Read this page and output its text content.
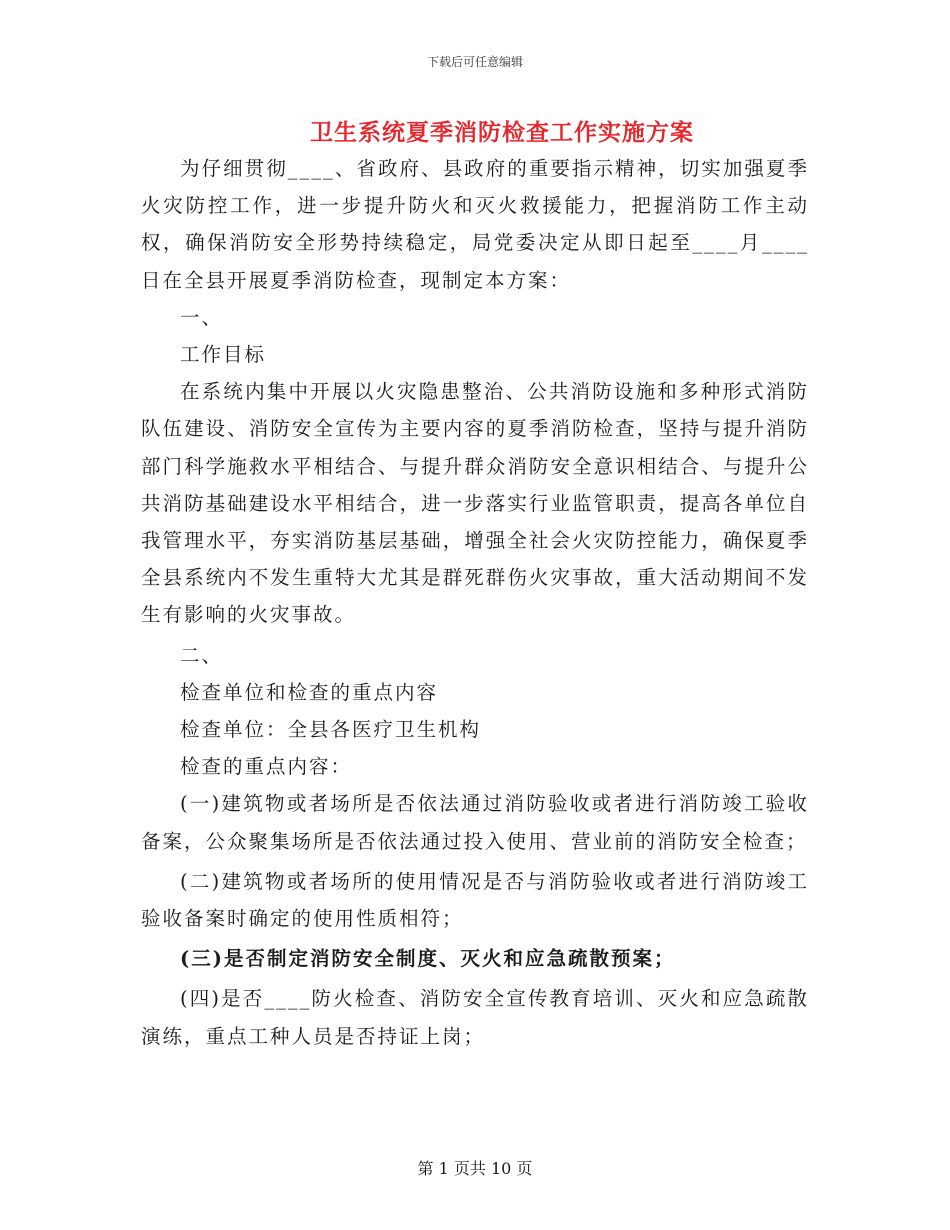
下载后可任意编辑
卫生系统夏季消防检查工作实施方案

为仔细贯彻____、省政府、县政府的重要指示精神，切实加强夏季火灾防控工作，进一步提升防火和灭火救援能力，把握消防工作主动权，确保消防安全形势持续稳定，局党委决定从即日起至____月____日在全县开展夏季消防检查，现制定本方案：

一、

工作目标

在系统内集中开展以火灾隐患整治、公共消防设施和多种形式消防队伍建设、消防安全宣传为主要内容的夏季消防检查，坚持与提升消防部门科学施救水平相结合、与提升群众消防安全意识相结合、与提升公共消防基础建设水平相结合，进一步落实行业监管职责，提高各单位自我管理水平，夯实消防基层基础，增强全社会火灾防控能力，确保夏季全县系统内不发生重特大尤其是群死群伤火灾事故，重大活动期间不发生有影响的火灾事故。

二、

检查单位和检查的重点内容

检查单位：全县各医疗卫生机构

检查的重点内容：

(一)建筑物或者场所是否依法通过消防验收或者进行消防竣工验收备案，公众聚集场所是否依法通过投入使用、营业前的消防安全检查；

(二)建筑物或者场所的使用情况是否与消防验收或者进行消防竣工验收备案时确定的使用性质相符；

(三)是否制定消防安全制度、灭火和应急疏散预案；

(四)是否____防火检查、消防安全宣传教育培训、灭火和应急疏散演练，重点工种人员是否持证上岗；

第 1 页共 10 页
